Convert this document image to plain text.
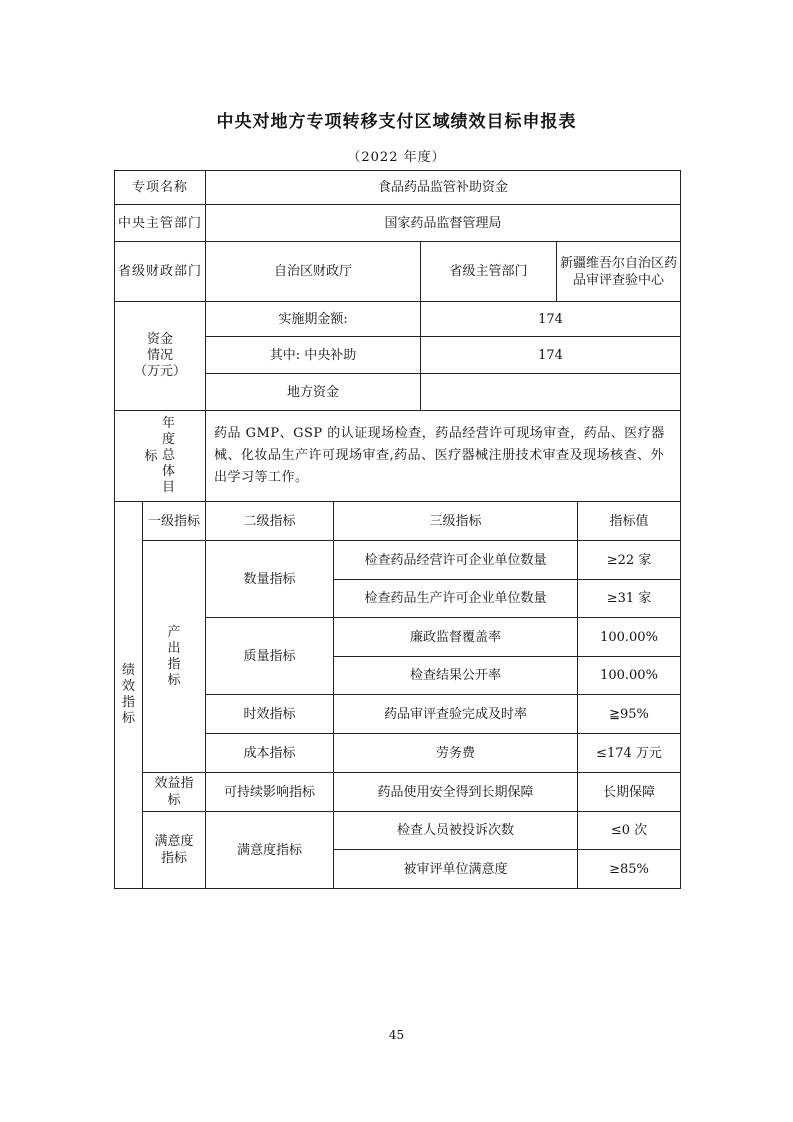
中央对地方专项转移支付区域绩效目标申报表
（2022 年度）
专项名称		食品药品监管补助资金				
中央主管部门		国家药品监督管理局				
省级财政部门		自治区财政厅		省级主管部门	新疆维吾尔自治区药品审评查验中心	

资金
情况
（万元）		实施期金额:		174		
		其中: 中央补助		174		
		地方资金				
标年度总体目		药品 GMP、GSP 的认证现场检查，药品经营许可现场审查，药品、医疗器械、化妆品生产许可现场审查,药品、医疗器械注册技术审查及现场核查、外出学习等工作。				
绩效指标	一级指标	二级指标	三级指标			指标值
	产出指标	数量指标	检查药品经营许可企业单位数量			≥22 家
			检查药品生产许可企业单位数量			≥31 家
		质量指标	廉政监督覆盖率			100.00%
			检查结果公开率			100.00%
		时效指标	药品审评查验完成及时率			≧95%
		成本指标	劳务费			≤174 万元
	效益指标	可持续影响指标	药品使用安全得到长期保障			长期保障
	满意度指标	满意度指标	检查人员被投诉次数			≤0 次
			被审评单位满意度			≥85%
45
